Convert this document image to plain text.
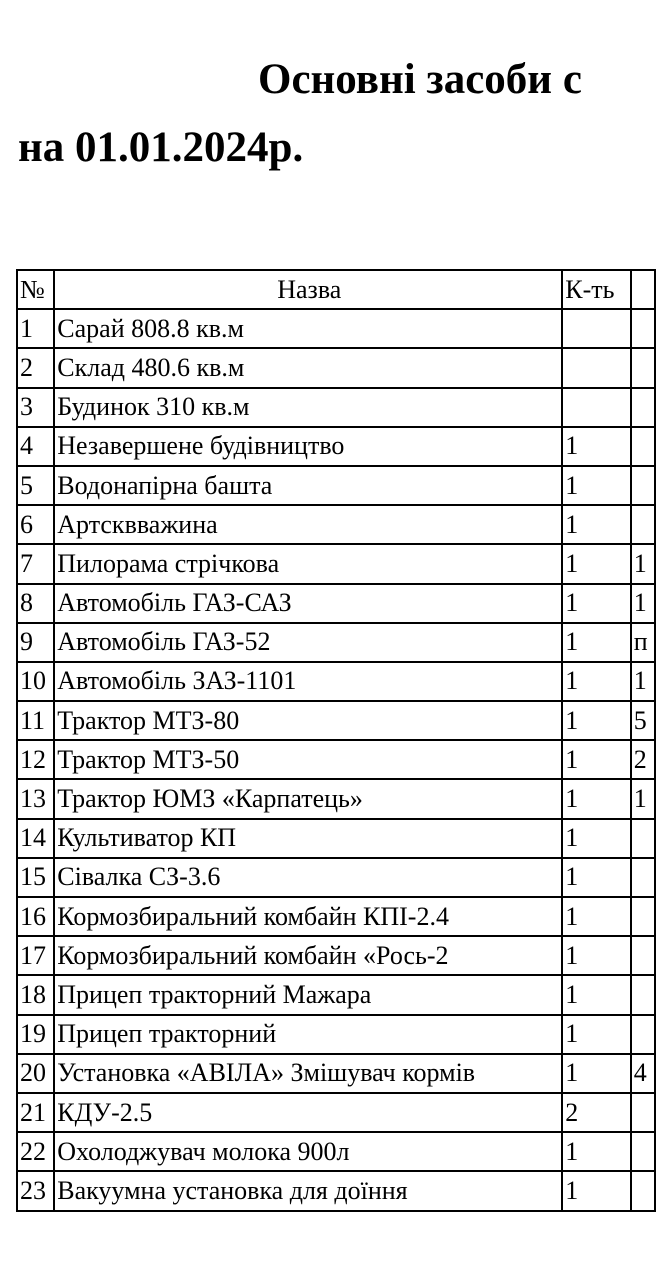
Основні засоби с
на 01.01.2024р.
№	Назва	К-ть	
1	Сарай 808.8 кв.м		
2	Склад 480.6 кв.м		
3	Будинок 310 кв.м		
4	Незавершене будівництво	1	
5	Водонапірна башта	1	
6	Артсквважина	1	
7	Пилорама стрічкова	1	1
8	Автомобіль ГАЗ-САЗ	1	1
9	Автомобіль ГАЗ-52	1	п
10	Автомобіль ЗАЗ-1101	1	1
11	Трактор МТЗ-80	1	5
12	Трактор МТЗ-50	1	2
13	Трактор ЮМЗ «Карпатець»	1	1
14	Культиватор КП	1	
15	Сівалка СЗ-3.6	1	
16	Кормозбиральний комбайн КПІ-2.4	1	
17	Кормозбиральний комбайн «Рось-2	1	
18	Прицеп тракторний Мажара	1	
19	Прицеп тракторний	1	
20	Установка «АВІЛА» Змішувач кормів	1	4
21	КДУ-2.5	2	
22	Охолоджувач молока 900л	1	
23	Вакуумна установка для доїння	1	
